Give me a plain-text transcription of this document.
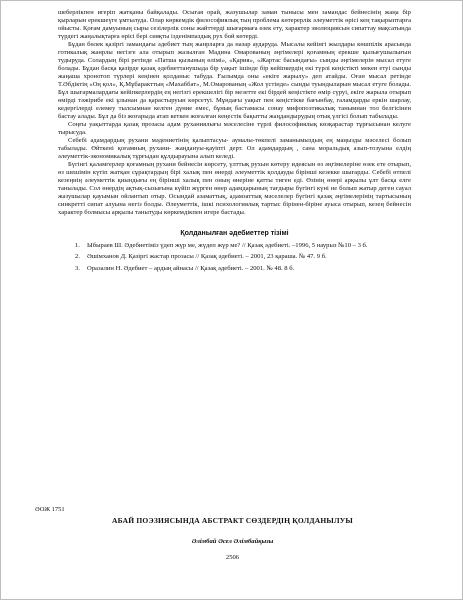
шеберлікпен игеріп жатқаны байқалады. Осығая орай, жазушылар заман тынысы мен замандас бейнесінің жаңа бір қырларын ерекшеүге ұмтылуда. Олар көркемдік философиялық тың проблема көтерерлік әлеуметтік өрісі кең тақырыптарға ойысты. Қоғам дамуының сыры сезілерлік соны жайттерді шығармаға өзек ету, характер эволюциясын сипаттау мақсатында түрдегі жаңалықтарға өрісі бері сияқты ізденімпаздық рух бой көтерді.

Бұдан бөлек қазіргі замандағы әдебиет тың жанрларға да назар аударуда. Мысалы кейінгі жылдары көшпілік арасында готикалық жанрлы негізге ала отырып жазылған Мадина Омарованың әңгімелері қоғамның ерекше қызығушылығын тудыруда. Солардың бірі ретінде «Патша қызының өлімі», «Қария», «Жартас басындағы» сынды әңгімелерін мысал етуге болады. Бұдан басқа қазірде қазақ әдебиеттанушыда бір уақыт ішінде бір кейіпкердің екі түрлі кеңістікті мекен етуі сынды жаңаша хронотоп түрлері кеңінен қолданыс табуда. Ғылымда оны «екіге жарылу» деп атайды. Оған мысал ретінде Т.Әбдіктің «Оң қол», Қ.Мұбаракттың «Махаббат», М.Омарованың «Жол үстінде» сынды туындыларын мысал етуге болады. Бұл шығармалардағы кейіпкерлердің ең негізгі ерекшелігі бір мезетте екі бірдей кеңістікте өмір сүруі, екіге жарыла отырып өмірді тәжірибе екі ұлынан да қарастыруын көрсетуі. Мұндағы уақыт пен кеңістікке бағынбау, галамдарды еркін шарлау, кедергілерді елемеу тылсымнан келген дүние емес, бұның бастамасы сонау мифопоэтикалық танымнан тол белгісінен бастау алады. Бұл да біз жоғарыда атап кеткен жоғалған кеңестік бақытты жаңдандырудың отық үлгісі болып табылады.

Соңғы уақыттарда қазақ прозасы адам руханиялығы мәселесіне түрлі философиялық көзқарастар тұрғысынан келуге тырысуда.

Себебі адамдардың рухани мәдениетінің қалыптасуы- аумалы-төкпелі заманымыздың ең маңызды мәселесі болып табылады. Өйткені қоғамның рухани- жаңдануы-қауіпті дерт. Ол адамдардың , сана моральдық азып-тозуына елдің әлеуметтік-экономикалық тұрғыдан құлдырауына алып келеді.

Бүгінгі қаламгерлер қоғамның рухани бейнесін көрсету, үлттық рухын көтеру идеясын өз әңгімелеріне өзек ете отырып, өз шешімін күтіп жатқан сұрақтардың бірі халық пен өнерді әлеуметтік қолдауды бірінші кезекке шығарды. Себебі өтпелі кезеңнің әлеуметтік қиындығы ең бірінші халық пен оның өнеріне қатты тиген еді. Өзінің өнері арқылы ұлт басқа елге танылады. Сол өнердің ақтық-сызығына күйіп жүрген өнер адамдарының тағдыры бүгінгі күні не болып жатыр деген сауал жазушылар қауымын ойлантып отыр. Осындай азаматтық, адамзаттық мәселелер бүгінгі қазақ әңгімелерінің тартысының синкретті сипат алуына негіз болды. Әлеуметтік, ішкі психологиялық тартыс бірінен-біріне ауыса отырып, кезең бейнесін характер болмысы арқылы танытуды көркемдікпен игере бастады.

Қолданылған әдебиеттер тізімі
1. Ыбыраев Ш. Әдебиетіміз үдеп жүр ме, жүдеп жүр ме? // Қазақ әдебиеті. –1996, 5 наурыз №10 – 3 б.
2. Әшімханов Д. Қазіргі жастар прозасы // Қазақ әдебиеті. – 2001, 23 қараша. № 47. 9 б.
3. Оразалин Н. Әдебиет – ардың айнасы // Қазақ әдебиеті. – 2001. № 48. 8 б.
ӘОЖ 1751
АБАЙ ПОЭЗИЯСЫНДА АБСТРАКТ СӨЗДЕРДІҢ ҚОЛДАНЫЛУЫ
Әлімбай Әсел Әлімбайқызы
2506
